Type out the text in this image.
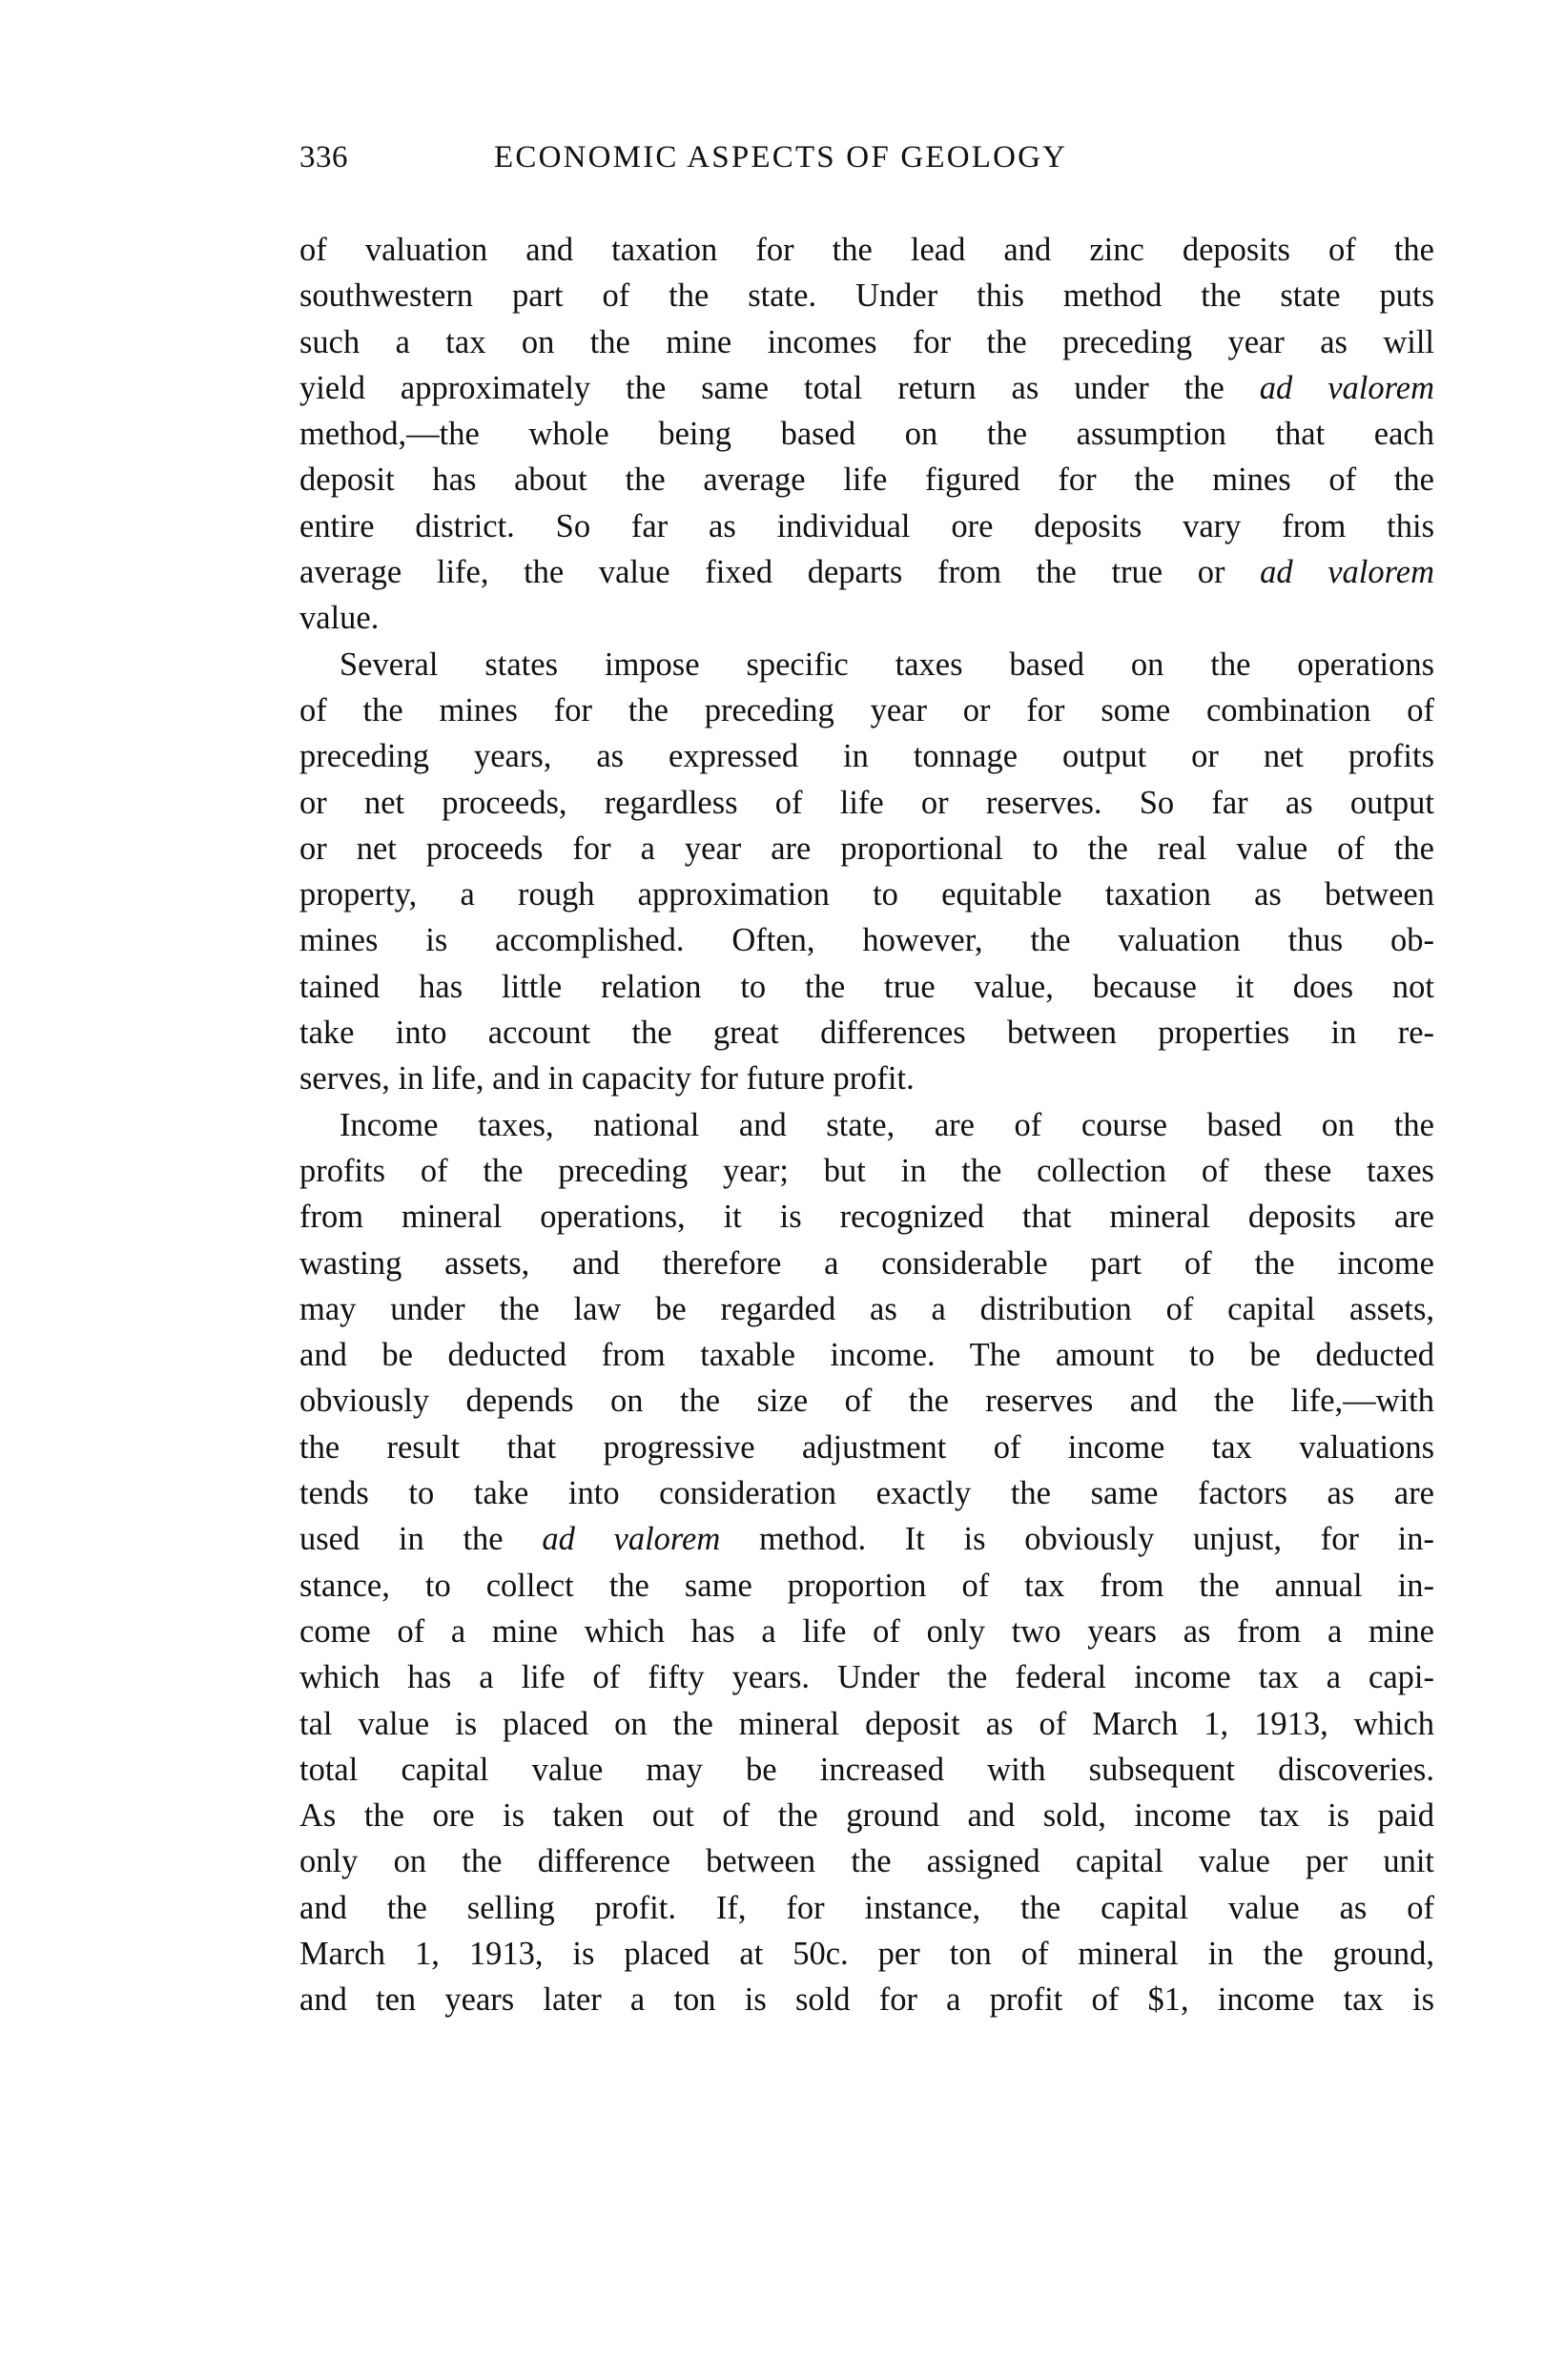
336	ECONOMIC ASPECTS OF GEOLOGY
of valuation and taxation for the lead and zinc deposits of the
southwestern part of the state. Under this method the state puts
such a tax on the mine incomes for the preceding year as will
yield approximately the same total return as under the ad valorem
method,—the whole being based on the assumption that each
deposit has about the average life figured for the mines of the
entire district. So far as individual ore deposits vary from this
average life, the value fixed departs from the true or ad valorem
value.
Several states impose specific taxes based on the operations
of the mines for the preceding year or for some combination of
preceding years, as expressed in tonnage output or net profits
or net proceeds, regardless of life or reserves. So far as output
or net proceeds for a year are proportional to the real value of the
property, a rough approximation to equitable taxation as between
mines is accomplished. Often, however, the valuation thus ob-
tained has little relation to the true value, because it does not
take into account the great differences between properties in re-
serves, in life, and in capacity for future profit.
Income taxes, national and state, are of course based on the
profits of the preceding year; but in the collection of these taxes
from mineral operations, it is recognized that mineral deposits are
wasting assets, and therefore a considerable part of the income
may under the law be regarded as a distribution of capital assets,
and be deducted from taxable income. The amount to be deducted
obviously depends on the size of the reserves and the life,—with
the result that progressive adjustment of income tax valuations
tends to take into consideration exactly the same factors as are
used in the ad valorem method. It is obviously unjust, for in-
stance, to collect the same proportion of tax from the annual in-
come of a mine which has a life of only two years as from a mine
which has a life of fifty years. Under the federal income tax a capi-
tal value is placed on the mineral deposit as of March 1, 1913, which
total capital value may be increased with subsequent discoveries.
As the ore is taken out of the ground and sold, income tax is paid
only on the difference between the assigned capital value per unit
and the selling profit. If, for instance, the capital value as of
March 1, 1913, is placed at 50c. per ton of mineral in the ground,
and ten years later a ton is sold for a profit of $1, income tax is
